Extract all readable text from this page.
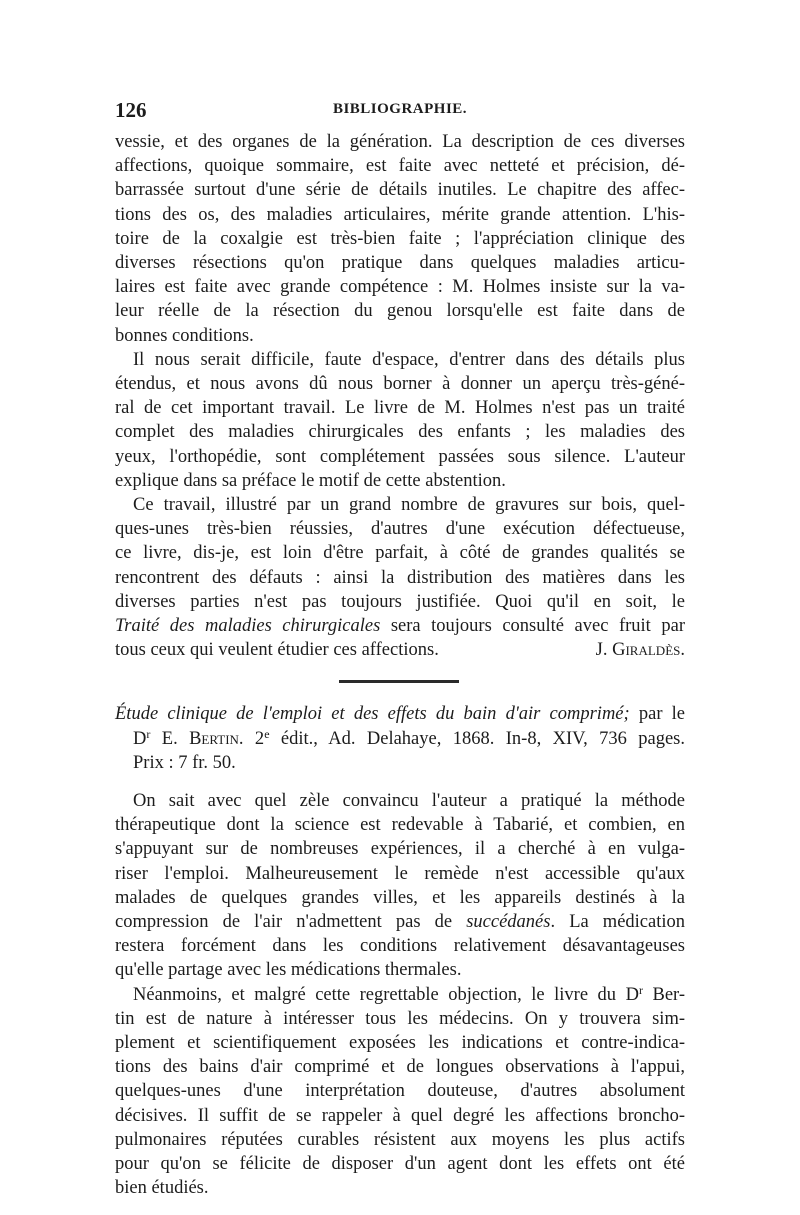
126	BIBLIOGRAPHIE.
vessie, et des organes de la génération. La description de ces diverses
affections, quoique sommaire, est faite avec netteté et précision, dé-
barrassée surtout d'une série de détails inutiles. Le chapitre des affec-
tions des os, des maladies articulaires, mérite grande attention. L'his-
toire de la coxalgie est très-bien faite ; l'appréciation clinique des
diverses résections qu'on pratique dans quelques maladies articu-
laires est faite avec grande compétence : M. Holmes insiste sur la va-
leur réelle de la résection du genou lorsqu'elle est faite dans de
bonnes conditions.
Il nous serait difficile, faute d'espace, d'entrer dans des détails plus
étendus, et nous avons dû nous borner à donner un aperçu très-géné-
ral de cet important travail. Le livre de M. Holmes n'est pas un traité
complet des maladies chirurgicales des enfants ; les maladies des
yeux, l'orthopédie, sont complétement passées sous silence. L'auteur
explique dans sa préface le motif de cette abstention.
Ce travail, illustré par un grand nombre de gravures sur bois, quel-
ques-unes très-bien réussies, d'autres d'une exécution défectueuse,
ce livre, dis-je, est loin d'être parfait, à côté de grandes qualités se
rencontrent des défauts : ainsi la distribution des matières dans les
diverses parties n'est pas toujours justifiée. Quoi qu'il en soit, le
Traité des maladies chirurgicales sera toujours consulté avec fruit par
tous ceux qui veulent étudier ces affections.	J. Giraldès.
Étude clinique de l'emploi et des effets du bain d'air comprimé; par le
$D^r$ E. Bertin. 2e édit., Ad. Delahaye, 1868. In-8, XIV, 736 pages.
Prix : 7 fr. 50.
On sait avec quel zèle convaincu l'auteur a pratiqué la méthode
thérapeutique dont la science est redevable à Tabarié, et combien, en
s'appuyant sur de nombreuses expériences, il a cherché à en vulga-
riser l'emploi. Malheureusement le remède n'est accessible qu'aux
malades de quelques grandes villes, et les appareils destinés à la
compression de l'air n'admettent pas de succédanés. La médication
restera forcément dans les conditions relativement désavantageuses
qu'elle partage avec les médications thermales.
Néanmoins, et malgré cette regrettable objection, le livre du $D^r$ Ber-
tin est de nature à intéresser tous les médecins. On y trouvera sim-
plement et scientifiquement exposées les indications et contre-indica-
tions des bains d'air comprimé et de longues observations à l'appui,
quelques-unes d'une interprétation douteuse, d'autres absolument
décisives. Il suffit de se rappeler à quel degré les affections broncho-
pulmonaires réputées curables résistent aux moyens les plus actifs
pour qu'on se félicite de disposer d'un agent dont les effets ont été
bien étudiés.
